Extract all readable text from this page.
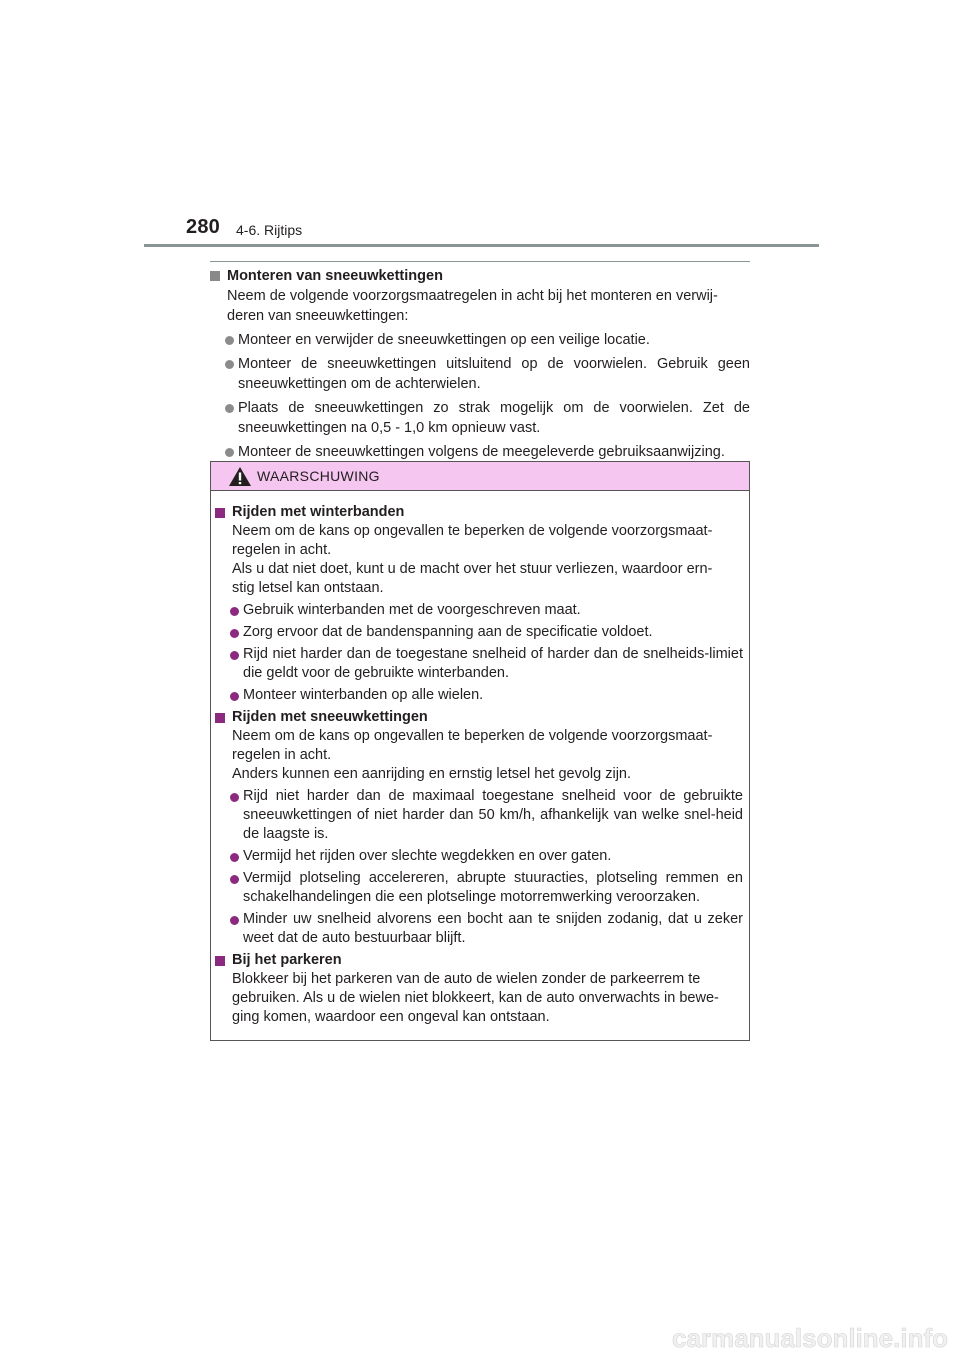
280 4-6. Rijtips
Monteren van sneeuwkettingen
Neem de volgende voorzorgsmaatregelen in acht bij het monteren en verwij-
deren van sneeuwkettingen:
Monteer en verwijder de sneeuwkettingen op een veilige locatie.
Monteer de sneeuwkettingen uitsluitend op de voorwielen. Gebruik geen sneeuwkettingen om de achterwielen.
Plaats de sneeuwkettingen zo strak mogelijk om de voorwielen. Zet de sneeuwkettingen na 0,5 - 1,0 km opnieuw vast.
Monteer de sneeuwkettingen volgens de meegeleverde gebruiksaanwijzing.
WAARSCHUWING
Rijden met winterbanden
Neem om de kans op ongevallen te beperken de volgende voorzorgsmaat-
regelen in acht.
Als u dat niet doet, kunt u de macht over het stuur verliezen, waardoor ern-
stig letsel kan ontstaan.
Gebruik winterbanden met de voorgeschreven maat.
Zorg ervoor dat de bandenspanning aan de specificatie voldoet.
Rijd niet harder dan de toegestane snelheid of harder dan de snelheids-limiet die geldt voor de gebruikte winterbanden.
Monteer winterbanden op alle wielen.
Rijden met sneeuwkettingen
Neem om de kans op ongevallen te beperken de volgende voorzorgsmaat-
regelen in acht.
Anders kunnen een aanrijding en ernstig letsel het gevolg zijn.
Rijd niet harder dan de maximaal toegestane snelheid voor de gebruikte sneeuwkettingen of niet harder dan 50 km/h, afhankelijk van welke snel-heid de laagste is.
Vermijd het rijden over slechte wegdekken en over gaten.
Vermijd plotseling accelereren, abrupte stuuracties, plotseling remmen en schakelhandelingen die een plotselinge motorremwerking veroorzaken.
Minder uw snelheid alvorens een bocht aan te snijden zodanig, dat u zeker weet dat de auto bestuurbaar blijft.
Bij het parkeren
Blokkeer bij het parkeren van de auto de wielen zonder de parkeerrem te
gebruiken. Als u de wielen niet blokkeert, kan de auto onverwachts in bewe-
ging komen, waardoor een ongeval kan ontstaan.
carmanualsonline.info
